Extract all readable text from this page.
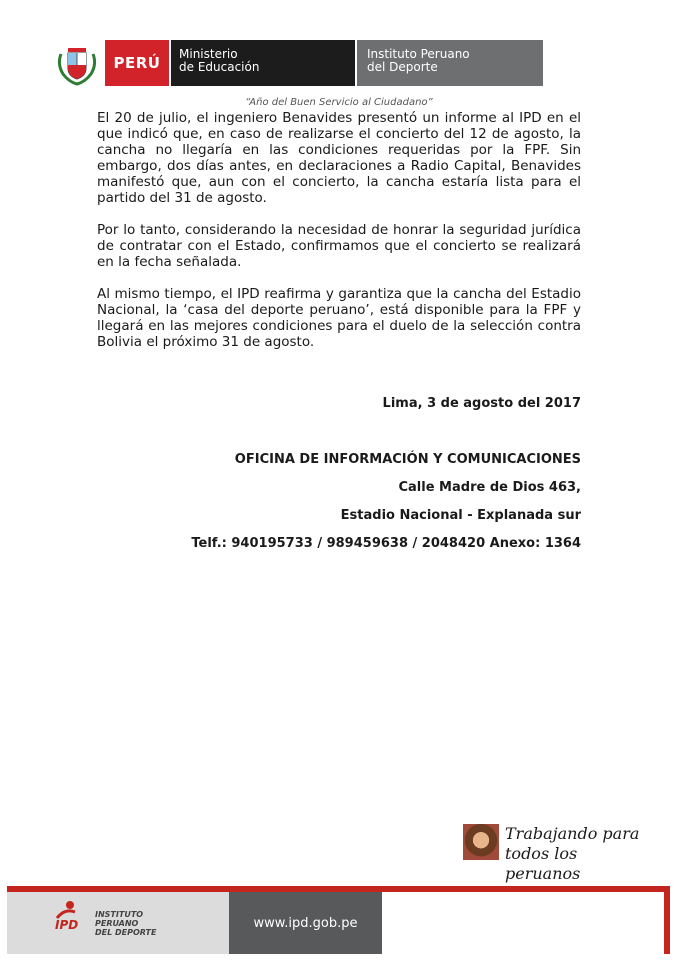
PERÚ	Ministerio
de Educación
Instituto Peruano
del Deporte
“Año del Buen Servicio al Ciudadano”

El 20 de julio, el ingeniero Benavides presentó un informe al IPD en el que indicó que, en caso de realizarse el concierto del 12 de agosto, la cancha no llegaría en las condiciones requeridas por la FPF. Sin embargo, dos días antes, en declaraciones a Radio Capital, Benavides manifestó que, aun con el concierto, la cancha estaría lista para el partido del 31 de agosto.

Por lo tanto, considerando la necesidad de honrar la seguridad jurídica de contratar con el Estado, confirmamos que el concierto se realizará en la fecha señalada.

Al mismo tiempo, el IPD reafirma y garantiza que la cancha del Estadio Nacional, la ‘casa del deporte peruano’, está disponible para la FPF y llegará en las mejores condiciones para el duelo de la selección contra Bolivia el próximo 31 de agosto.

Lima, 3 de agosto del 2017
OFICINA DE INFORMACIÓN Y COMUNICACIONES
Calle Madre de Dios 463,
Estadio Nacional - Explanada sur
Telf.: 940195733 / 989459638 / 2048420 Anexo: 1364
Trabajando para
todos los peruanos
IPD
INSTITUTO
PERUANO
DEL DEPORTE
www.ipd.gob.pe
